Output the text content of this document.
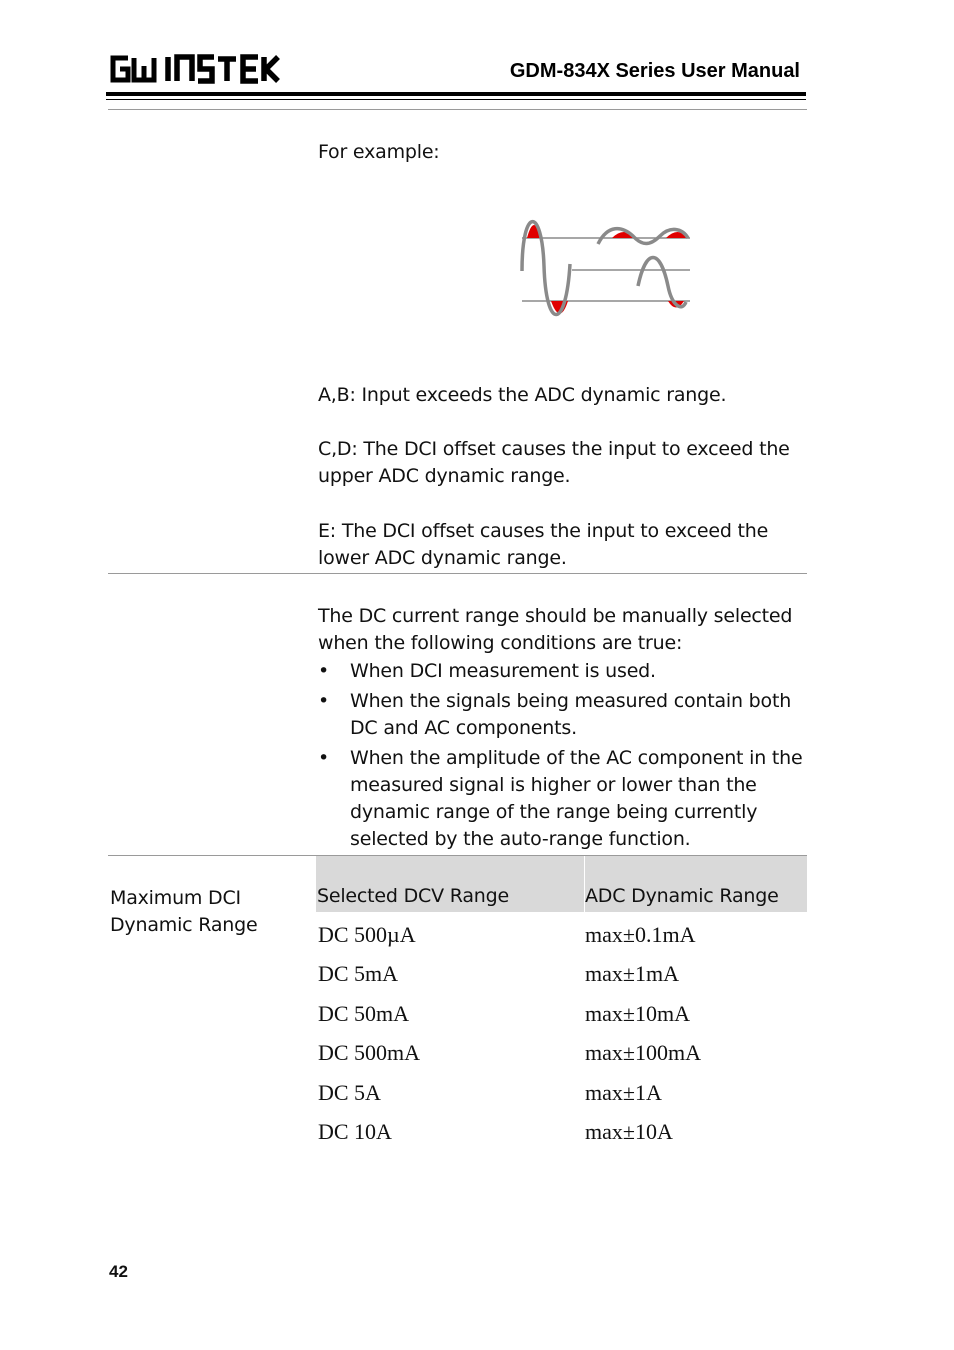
GDM-834X Series User Manual
For example:
A,B: Input exceeds the ADC dynamic range.
C,D: The DCI offset causes the input to exceed the upper ADC dynamic range.
E: The DCI offset causes the input to exceed the lower ADC dynamic range.
The DC current range should be manually selected when the following conditions are true:
• When DCI measurement is used.
• When the signals being measured contain both DC and AC components.
• When the amplitude of the AC component in the measured signal is higher or lower than the dynamic range of the range being currently selected by the auto-range function.
Maximum DCI Dynamic Range
Selected DCV Range	ADC Dynamic Range
DC 500µA	max±0.1mA
DC 5mA	max±1mA
DC 50mA	max±10mA
DC 500mA	max±100mA
DC 5A	max±1A
DC 10A	max±10A
42
